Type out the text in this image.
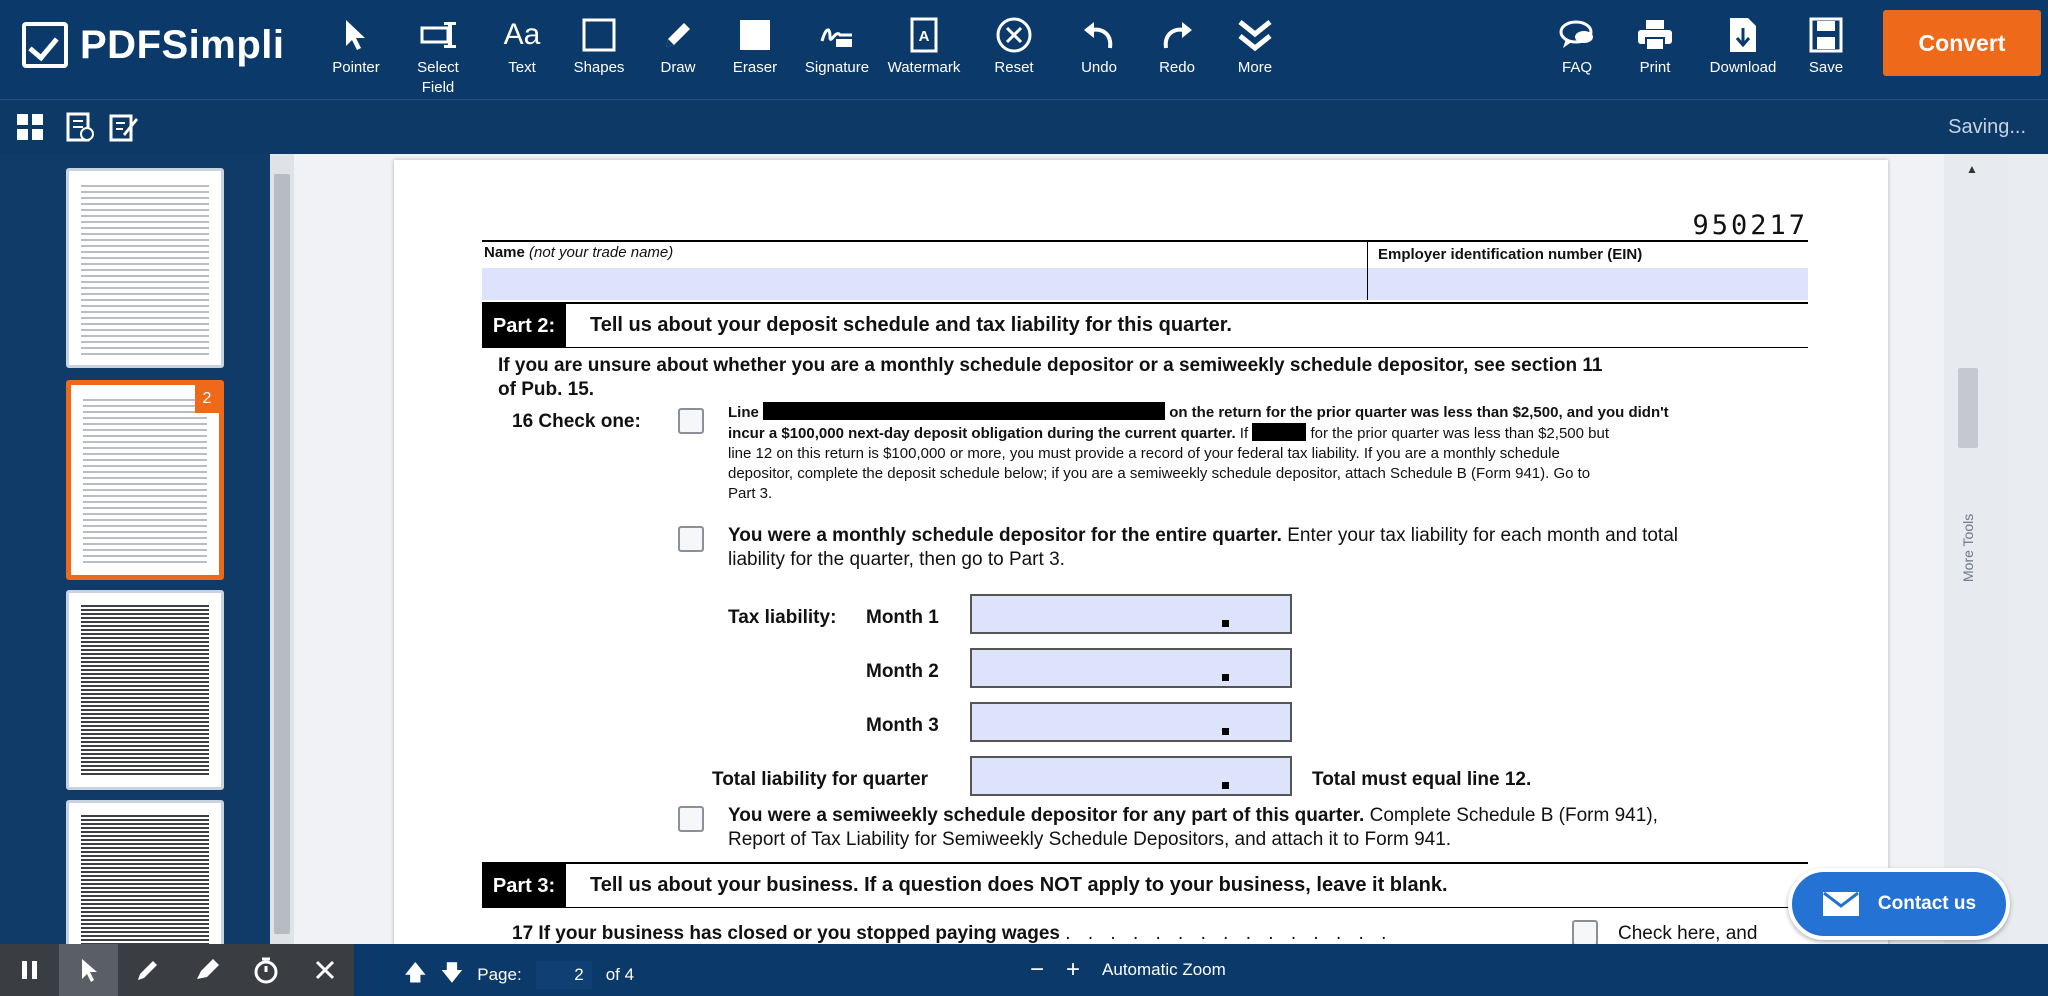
PDFSimpli
Pointer	Select Field
Aa
Text	Shapes Draw Eraser Signature
A
Watermark Reset	Undo	Redo	More	FAQ	Print	Download Save
Convert
Saving...
2
950217
Name (not your trade name)	Employer identification number (EIN)
Part 2:	Tell us about your deposit schedule and tax liability for this quarter.
If you are unsure about whether you are a monthly schedule depositor or a semiweekly schedule depositor, see section 11
of Pub. 15.
16 Check one:	Line	on the return for the prior quarter was less than $2,500, and you didn't
incur a $100,000 next-day deposit obligation during the current quarter. If	for the prior quarter was less than $2,500 but
line 12 on this return is $100,000 or more, you must provide a record of your federal tax liability. If you are a monthly schedule
depositor, complete the deposit schedule below; if you are a semiweekly schedule depositor, attach Schedule B (Form 941). Go to
Part 3.
You were a monthly schedule depositor for the entire quarter. Enter your tax liability for each month and total
liability for the quarter, then go to Part 3.
Tax liability: Month 1
Month 2
Month 3
Total liability for quarter	Total must equal line 12.
You were a semiweekly schedule depositor for any part of this quarter. Complete Schedule B (Form 941),
Report of Tax Liability for Semiweekly Schedule Depositors, and attach it to Form 941.
Part 3:	Tell us about your business. If a question does NOT apply to your business, leave it blank.
17 If your business has closed or you stopped paying wages . . . . . . . . . . . . . . .	Check here, and
▲
More Tools
Contact us
🡅 🡇 Page:
2	of 4	− + Automatic Zoom
